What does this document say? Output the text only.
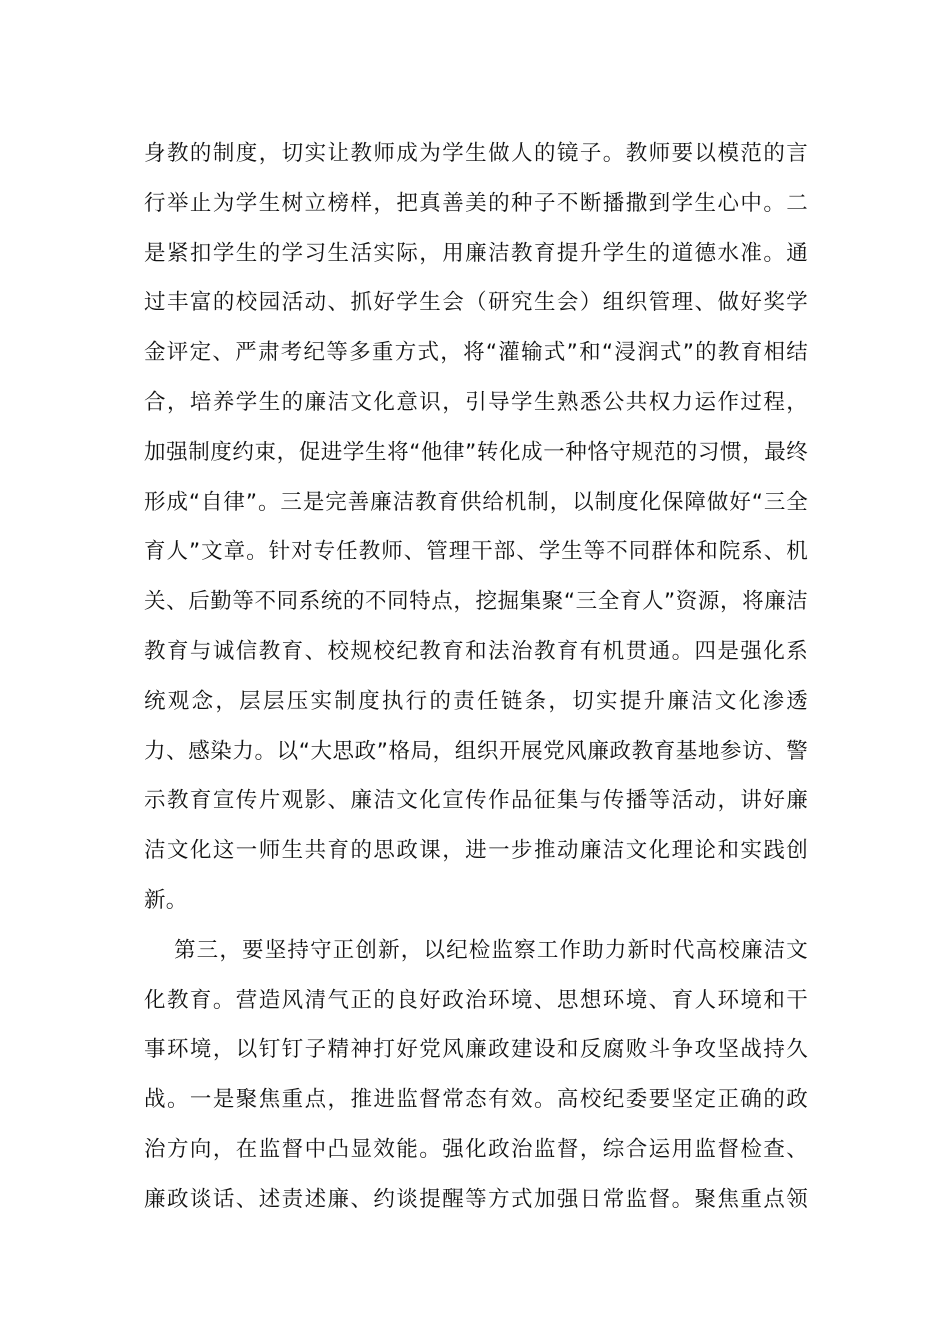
身教的制度，切实让教师成为学生做人的镜子。教师要以模范的言
行举止为学生树立榜样，把真善美的种子不断播撒到学生心中。二
是紧扣学生的学习生活实际，用廉洁教育提升学生的道德水准。通
过丰富的校园活动、抓好学生会（研究生会）组织管理、做好奖学
金评定、严肃考纪等多重方式，将“灌输式”和“浸润式”的教育相结
合，培养学生的廉洁文化意识，引导学生熟悉公共权力运作过程，
加强制度约束，促进学生将“他律”转化成一种恪守规范的习惯，最终
形成“自律”。三是完善廉洁教育供给机制，以制度化保障做好“三全
育人”文章。针对专任教师、管理干部、学生等不同群体和院系、机
关、后勤等不同系统的不同特点，挖掘集聚“三全育人”资源，将廉洁
教育与诚信教育、校规校纪教育和法治教育有机贯通。四是强化系
统观念，层层压实制度执行的责任链条，切实提升廉洁文化渗透
力、感染力。以“大思政”格局，组织开展党风廉政教育基地参访、警
示教育宣传片观影、廉洁文化宣传作品征集与传播等活动，讲好廉
洁文化这一师生共育的思政课，进一步推动廉洁文化理论和实践创
新。
第三，要坚持守正创新，以纪检监察工作助力新时代高校廉洁文
化教育。营造风清气正的良好政治环境、思想环境、育人环境和干
事环境，以钉钉子精神打好党风廉政建设和反腐败斗争攻坚战持久
战。一是聚焦重点，推进监督常态有效。高校纪委要坚定正确的政
治方向，在监督中凸显效能。强化政治监督，综合运用监督检查、
廉政谈话、述责述廉、约谈提醒等方式加强日常监督。聚焦重点领
